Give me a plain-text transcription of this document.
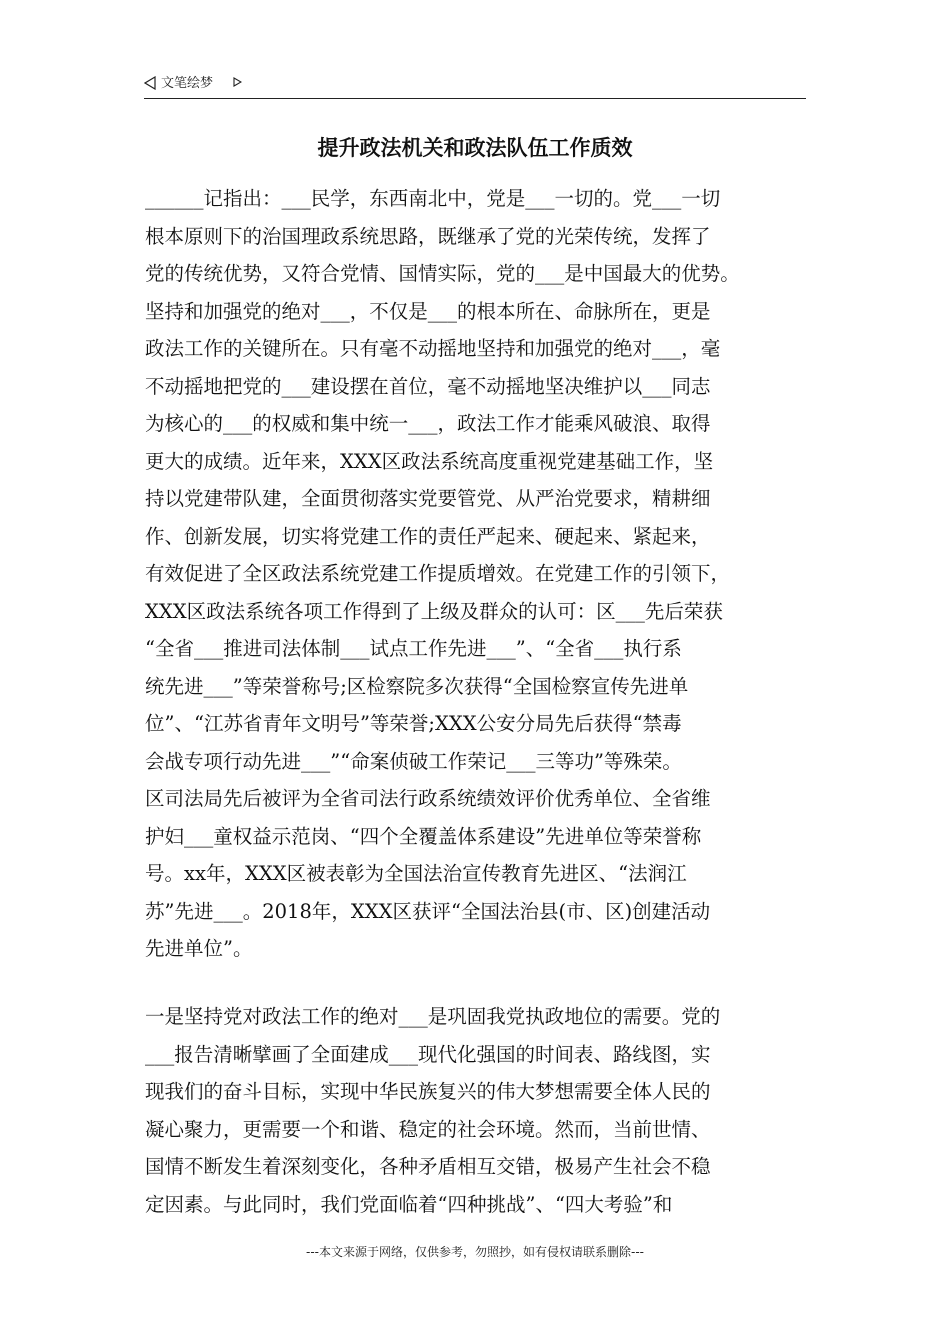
文笔绘梦
提升政法机关和政法队伍工作质效
______记指出：___民学，东西南北中，党是___一切的。党___一切
根本原则下的治国理政系统思路，既继承了党的光荣传统，发挥了
党的传统优势，又符合党情、国情实际，党的___是中国最大的优势。
坚持和加强党的绝对___，不仅是___的根本所在、命脉所在，更是
政法工作的关键所在。只有毫不动摇地坚持和加强党的绝对___，毫
不动摇地把党的___建设摆在首位，毫不动摇地坚决维护以___同志
为核心的___的权威和集中统一___，政法工作才能乘风破浪、取得
更大的成绩。近年来，XXX区政法系统高度重视党建基础工作，坚
持以党建带队建，全面贯彻落实党要管党、从严治党要求，精耕细
作、创新发展，切实将党建工作的责任严起来、硬起来、紧起来，
有效促进了全区政法系统党建工作提质增效。在党建工作的引领下，
XXX区政法系统各项工作得到了上级及群众的认可：区___先后荣获
“全省___推进司法体制___试点工作先进___”、“全省___执行系
统先进___”等荣誉称号;区检察院多次获得“全国检察宣传先进单
位”、“江苏省青年文明号”等荣誉;XXX公安分局先后获得“禁毒
会战专项行动先进___”“命案侦破工作荣记___三等功”等殊荣。
区司法局先后被评为全省司法行政系统绩效评价优秀单位、全省维
护妇___童权益示范岗、“四个全覆盖体系建设”先进单位等荣誉称
号。xx年，XXX区被表彰为全国法治宣传教育先进区、“法润江
苏”先进___。2018年，XXX区获评“全国法治县(市、区)创建活动
先进单位”。
一是坚持党对政法工作的绝对___是巩固我党执政地位的需要。党的
___报告清晰擘画了全面建成___现代化强国的时间表、路线图，实
现我们的奋斗目标，实现中华民族复兴的伟大梦想需要全体人民的
凝心聚力，更需要一个和谐、稳定的社会环境。然而，当前世情、
国情不断发生着深刻变化，各种矛盾相互交错，极易产生社会不稳
定因素。与此同时，我们党面临着“四种挑战”、“四大考验”和
---本文来源于网络，仅供参考，勿照抄，如有侵权请联系删除---
